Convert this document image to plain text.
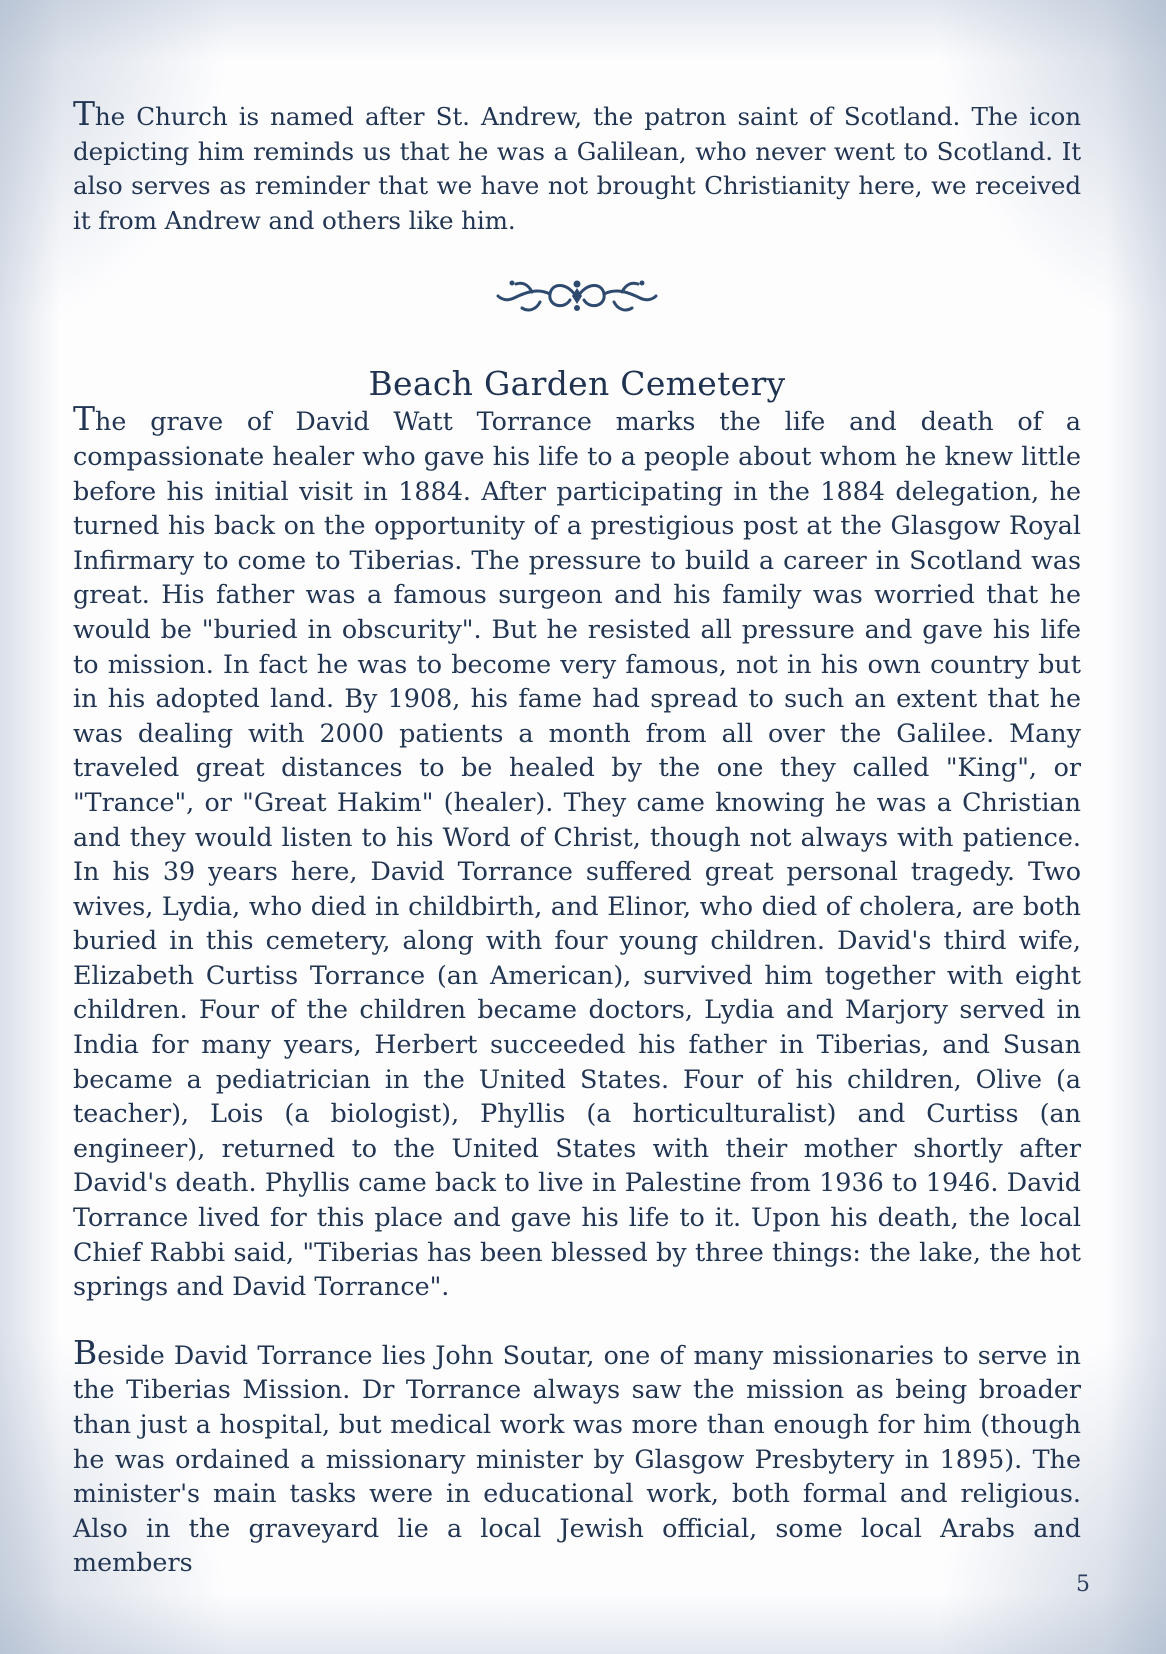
The Church is named after St. Andrew, the patron saint of Scotland. The icon depicting him reminds us that he was a Galilean, who never went to Scotland. It also serves as reminder that we have not brought Christianity here, we received it from Andrew and others like him.

Beach Garden Cemetery

The grave of David Watt Torrance marks the life and death of a compassionate healer who gave his life to a people about whom he knew little before his initial visit in 1884. After participating in the 1884 delegation, he turned his back on the opportunity of a prestigious post at the Glasgow Royal Infirmary to come to Tiberias. The pressure to build a career in Scotland was great. His father was a famous surgeon and his family was worried that he would be "buried in obscurity". But he resisted all pressure and gave his life to mission. In fact he was to become very famous, not in his own country but in his adopted land. By 1908, his fame had spread to such an extent that he was dealing with 2000 patients a month from all over the Galilee. Many traveled great distances to be healed by the one they called "King", or "Trance", or "Great Hakim" (healer). They came knowing he was a Christian and they would listen to his Word of Christ, though not always with patience. In his 39 years here, David Torrance suffered great personal tragedy. Two wives, Lydia, who died in childbirth, and Elinor, who died of cholera, are both buried in this cemetery, along with four young children. David's third wife, Elizabeth Curtiss Torrance (an American), survived him together with eight children. Four of the children became doctors, Lydia and Marjory served in India for many years, Herbert succeeded his father in Tiberias, and Susan became a pediatrician in the United States. Four of his children, Olive (a teacher), Lois (a biologist), Phyllis (a horticulturalist) and Curtiss (an engineer), returned to the United States with their mother shortly after David's death. Phyllis came back to live in Palestine from 1936 to 1946. David Torrance lived for this place and gave his life to it. Upon his death, the local Chief Rabbi said, "Tiberias has been blessed by three things: the lake, the hot springs and David Torrance".

Beside David Torrance lies John Soutar, one of many missionaries to serve in the Tiberias Mission. Dr Torrance always saw the mission as being broader than just a hospital, but medical work was more than enough for him (though he was ordained a missionary minister by Glasgow Presbytery in 1895). The minister's main tasks were in educational work, both formal and religious. Also in the graveyard lie a local Jewish official, some local Arabs and members

5
